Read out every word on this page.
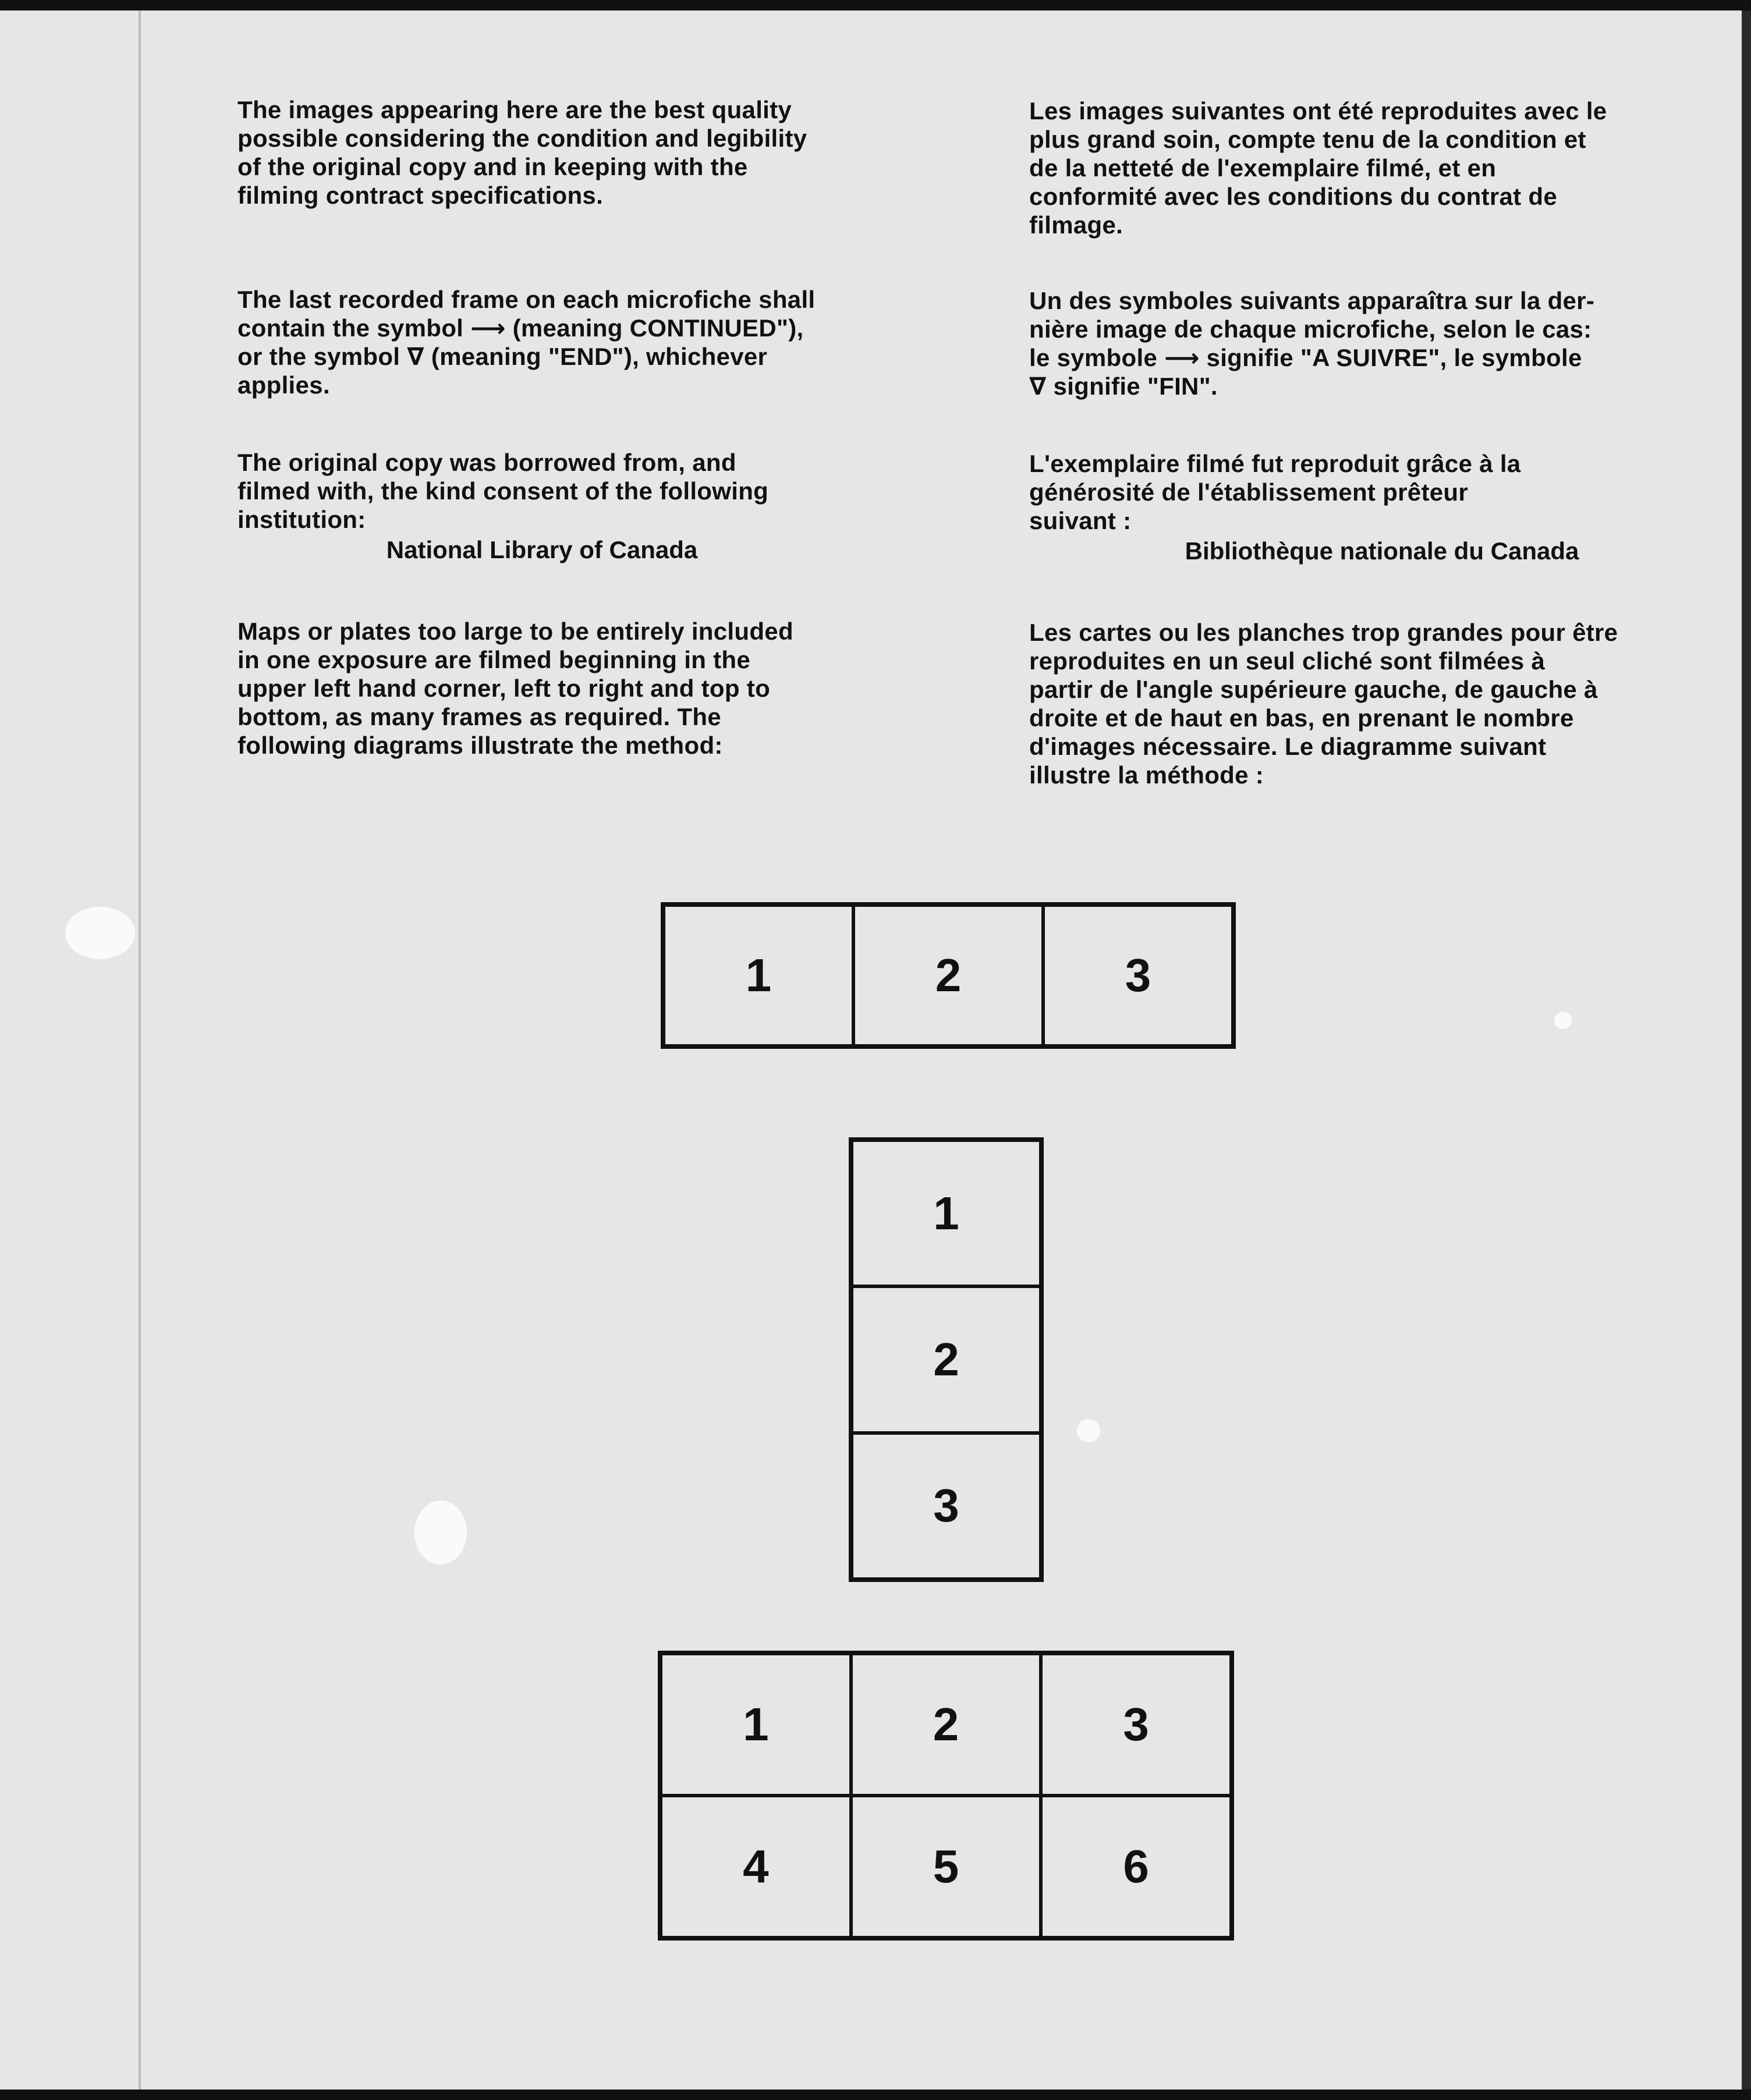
The images appearing here are the best quality
possible considering the condition and legibility
of the original copy and in keeping with the
filming contract specifications.

The last recorded frame on each microfiche shall
contain the symbol ⟶ (meaning CONTINUED"),
or the symbol ∇ (meaning "END"), whichever
applies.

The original copy was borrowed from, and
filmed with, the kind consent of the following
institution:

National Library of Canada

Maps or plates too large to be entirely included
in one exposure are filmed beginning in the
upper left hand corner, left to right and top to
bottom, as many frames as required. The
following diagrams illustrate the method:

Les images suivantes ont été reproduites avec le
plus grand soin, compte tenu de la condition et
de la netteté de l'exemplaire filmé, et en
conformité avec les conditions du contrat de
filmage.

Un des symboles suivants apparaîtra sur la der-
nière image de chaque microfiche, selon le cas:
le symbole ⟶ signifie "A SUIVRE", le symbole
∇ signifie "FIN".

L'exemplaire filmé fut reproduit grâce à la
générosité de l'établissement prêteur
suivant :

Bibliothèque nationale du Canada

Les cartes ou les planches trop grandes pour être
reproduites en un seul cliché sont filmées à
partir de l'angle supérieure gauche, de gauche à
droite et de haut en bas, en prenant le nombre
d'images nécessaire. Le diagramme suivant
illustre la méthode :

1	2	3
1
2
3
1	2	3
4	5	6
